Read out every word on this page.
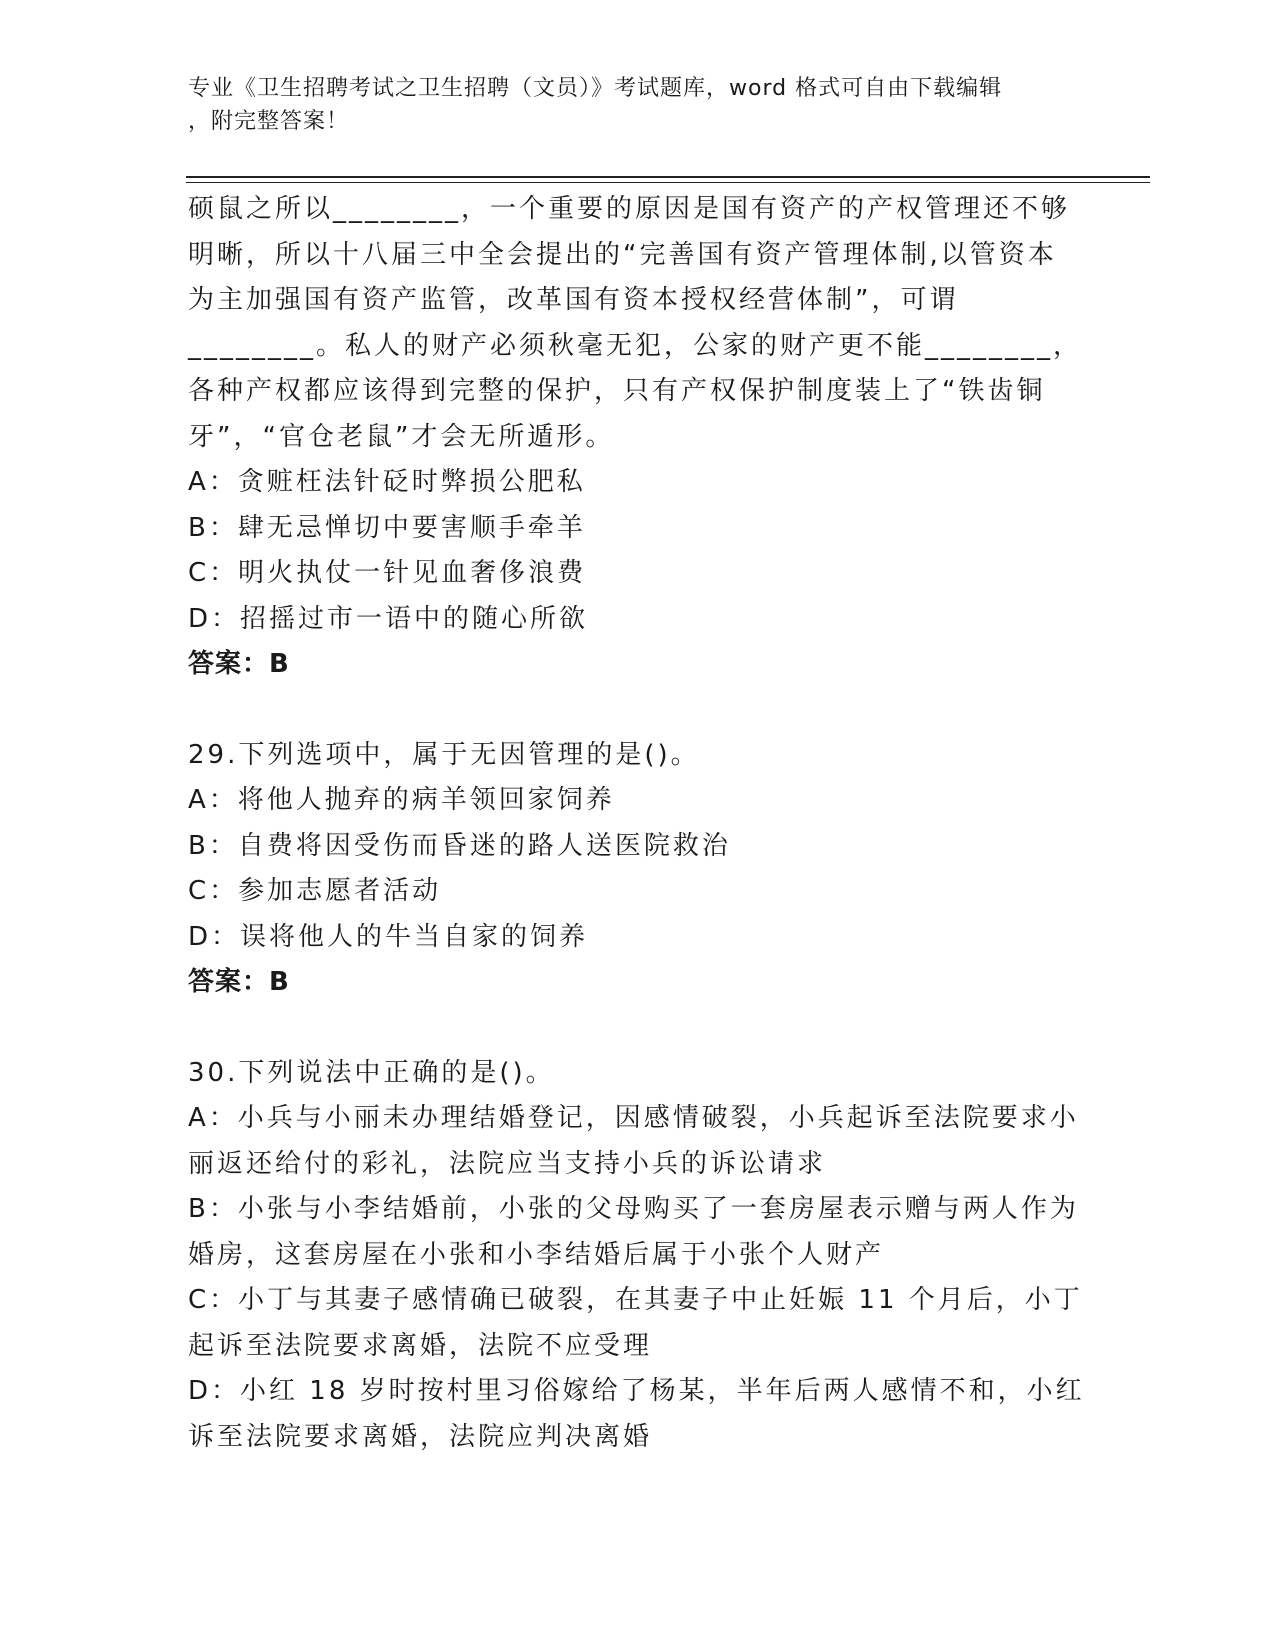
专业《卫生招聘考试之卫生招聘（文员）》考试题库，word 格式可自由下载编辑
，附完整答案！

硕鼠之所以________，一个重要的原因是国有资产的产权管理还不够

明晰，所以十八届三中全会提出的“完善国有资产管理体制,以管资本

为主加强国有资产监管，改革国有资本授权经营体制”，可谓

________。私人的财产必须秋毫无犯，公家的财产更不能________，

各种产权都应该得到完整的保护，只有产权保护制度装上了“铁齿铜

牙”，“官仓老鼠”才会无所遁形。

A：贪赃枉法针砭时弊损公肥私

B：肆无忌惮切中要害顺手牵羊

C：明火执仗一针见血奢侈浪费

D：招摇过市一语中的随心所欲

答案：B

29.下列选项中，属于无因管理的是()。

A：将他人抛弃的病羊领回家饲养

B：自费将因受伤而昏迷的路人送医院救治

C：参加志愿者活动

D：误将他人的牛当自家的饲养

答案：B

30.下列说法中正确的是()。

A：小兵与小丽未办理结婚登记，因感情破裂，小兵起诉至法院要求小

丽返还给付的彩礼，法院应当支持小兵的诉讼请求

B：小张与小李结婚前，小张的父母购买了一套房屋表示赠与两人作为

婚房，这套房屋在小张和小李结婚后属于小张个人财产

C：小丁与其妻子感情确已破裂，在其妻子中止妊娠 11 个月后，小丁

起诉至法院要求离婚，法院不应受理

D：小红 18 岁时按村里习俗嫁给了杨某，半年后两人感情不和，小红

诉至法院要求离婚，法院应判决离婚
